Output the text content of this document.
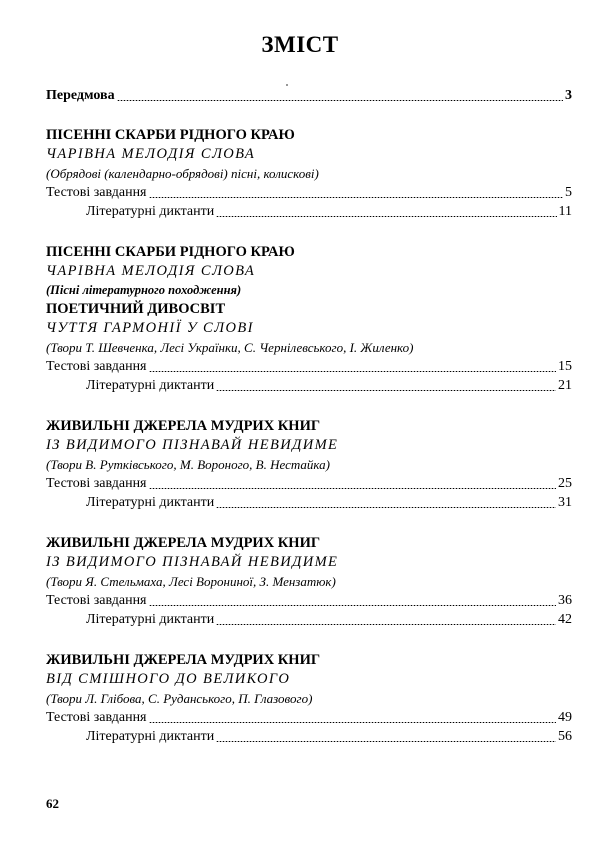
ЗМІСТ
Передмова	3
ПІСЕННІ СКАРБИ РІДНОГО КРАЮ
ЧАРІВНА МЕЛОДІЯ СЛОВА
(Обрядові (календарно-обрядові) пісні, колискові)
Тестові завдання	5
Літературні диктанти	11
ПІСЕННІ СКАРБИ РІДНОГО КРАЮ
ЧАРІВНА МЕЛОДІЯ СЛОВА
(Пісні літературного походження)
ПОЕТИЧНИЙ ДИВОСВІТ
ЧУТТЯ ГАРМОНІЇ У СЛОВІ
(Твори Т. Шевченка, Лесі Українки, С. Чернілевського, І. Жиленко)
Тестові завдання	15
Літературні диктанти	21
ЖИВИЛЬНІ ДЖЕРЕЛА МУДРИХ КНИГ
ІЗ ВИДИМОГО ПІЗНАВАЙ НЕВИДИМЕ
(Твори В. Рутківського, М. Вороного, В. Нестайка)
Тестові завдання	25
Літературні диктанти	31
ЖИВИЛЬНІ ДЖЕРЕЛА МУДРИХ КНИГ
ІЗ ВИДИМОГО ПІЗНАВАЙ НЕВИДИМЕ
(Твори Я. Стельмаха, Лесі Ворониної, З. Мензатюк)
Тестові завдання	36
Літературні диктанти	42
ЖИВИЛЬНІ ДЖЕРЕЛА МУДРИХ КНИГ
ВІД СМІШНОГО ДО ВЕЛИКОГО
(Твори Л. Глібова, С. Руданського, П. Глазового)
Тестові завдання	49
Літературні диктанти	56
62
